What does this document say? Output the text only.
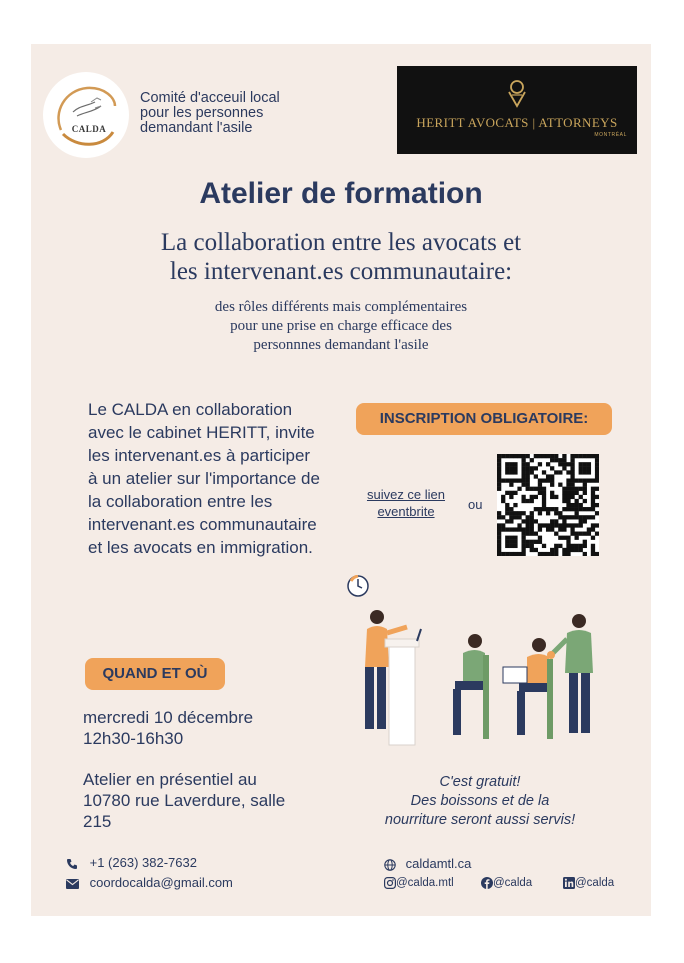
CALDA
Comité d'acceuil local
pour les personnes
demandant l'asile	HERITT AVOCATS | ATTORNEYS
MONTRÉAL
Atelier de formation
La collaboration entre les avocats et
les intervenant.es communautaire:
des rôles différents mais complémentaires
pour une prise en charge efficace des
personnnes demandant l'asile
Le CALDA en collaboration avec le cabinet HERITT, invite les intervenant.es à participer à un atelier sur l'importance de la collaboration entre les intervenant.es communautaire et les avocats en immigration.
INSCRIPTION OBLIGATOIRE:
suivez ce lien
eventbrite	ou
QUAND ET OÙ
mercredi 10 décembre
12h30-16h30
Atelier en présentiel au
10780 rue Laverdure, salle
215
C'est gratuit!
Des boissons et de la
nourriture seront aussi servis!
+1 (263) 382-7632
coordocalda@gmail.com
caldamtl.ca
@calda.mtl	@calda	@calda
